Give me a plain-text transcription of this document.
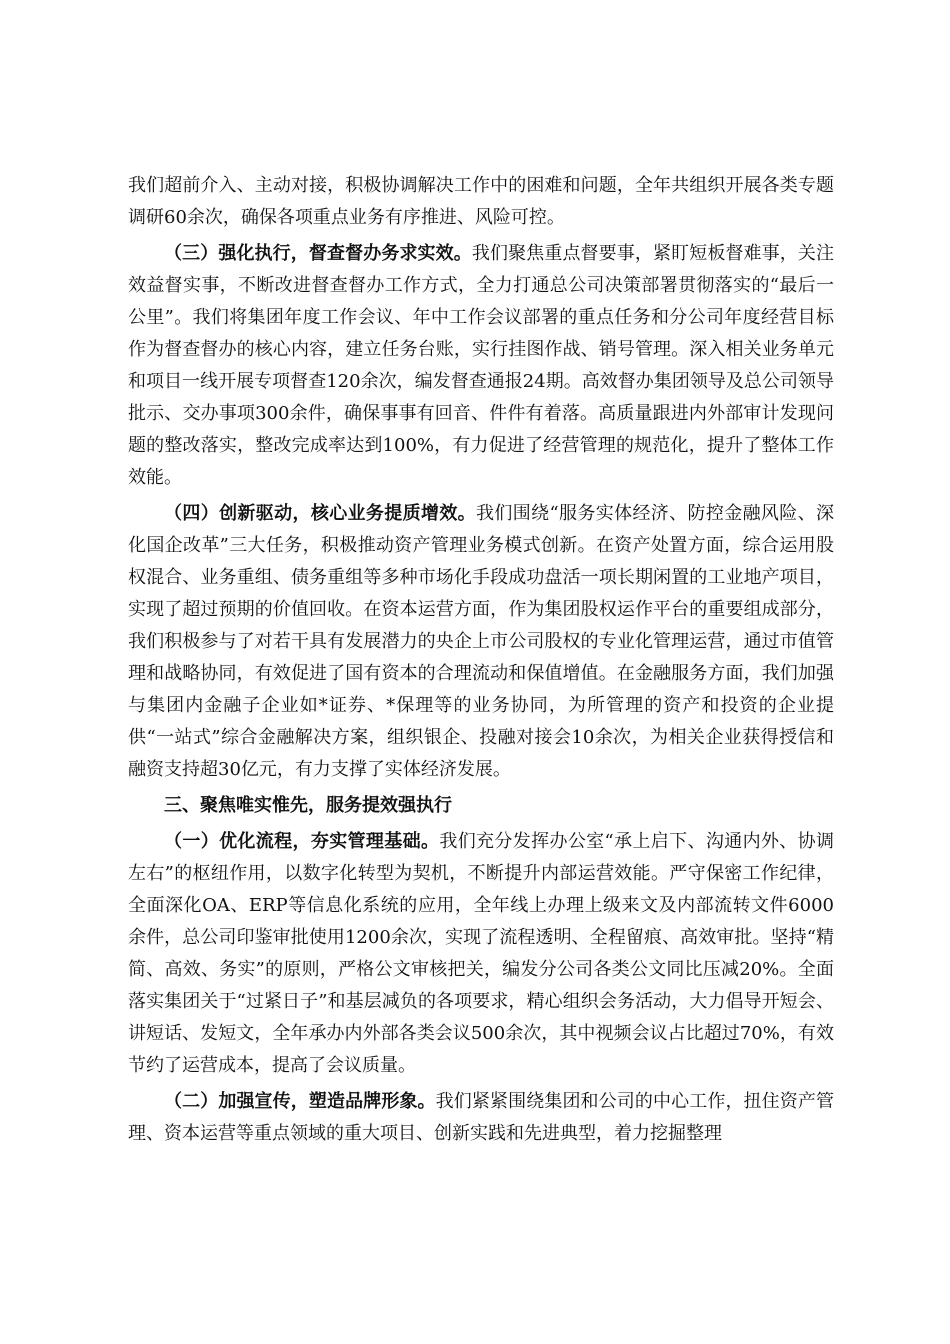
我们超前介入、主动对接，积极协调解决工作中的困难和问题，全年共组织开展各类专题调研60余次，确保各项重点业务有序推进、风险可控。

（三）强化执行，督查督办务求实效。我们聚焦重点督要事，紧盯短板督难事，关注效益督实事，不断改进督查督办工作方式，全力打通总公司决策部署贯彻落实的“最后一公里”。我们将集团年度工作会议、年中工作会议部署的重点任务和分公司年度经营目标作为督查督办的核心内容，建立任务台账，实行挂图作战、销号管理。深入相关业务单元和项目一线开展专项督查120余次，编发督查通报24期。高效督办集团领导及总公司领导批示、交办事项300余件，确保事事有回音、件件有着落。高质量跟进内外部审计发现问题的整改落实，整改完成率达到100%，有力促进了经营管理的规范化，提升了整体工作效能。

（四）创新驱动，核心业务提质增效。我们围绕“服务实体经济、防控金融风险、深化国企改革”三大任务，积极推动资产管理业务模式创新。在资产处置方面，综合运用股权混合、业务重组、债务重组等多种市场化手段成功盘活一项长期闲置的工业地产项目，实现了超过预期的价值回收。在资本运营方面，作为集团股权运作平台的重要组成部分，我们积极参与了对若干具有发展潜力的央企上市公司股权的专业化管理运营，通过市值管理和战略协同，有效促进了国有资本的合理流动和保值增值。在金融服务方面，我们加强与集团内金融子企业如*证券、*保理等的业务协同，为所管理的资产和投资的企业提供“一站式”综合金融解决方案，组织银企、投融对接会10余次，为相关企业获得授信和融资支持超30亿元，有力支撑了实体经济发展。

三、聚焦唯实惟先，服务提效强执行

（一）优化流程，夯实管理基础。我们充分发挥办公室“承上启下、沟通内外、协调左右”的枢纽作用，以数字化转型为契机，不断提升内部运营效能。严守保密工作纪律，全面深化OA、ERP等信息化系统的应用，全年线上办理上级来文及内部流转文件6000余件，总公司印鉴审批使用1200余次，实现了流程透明、全程留痕、高效审批。坚持“精简、高效、务实”的原则，严格公文审核把关，编发分公司各类公文同比压减20%。全面落实集团关于“过紧日子”和基层减负的各项要求，精心组织会务活动，大力倡导开短会、讲短话、发短文，全年承办内外部各类会议500余次，其中视频会议占比超过70%，有效节约了运营成本，提高了会议质量。

（二）加强宣传，塑造品牌形象。我们紧紧围绕集团和公司的中心工作，扭住资产管理、资本运营等重点领域的重大项目、创新实践和先进典型，着力挖掘整理
